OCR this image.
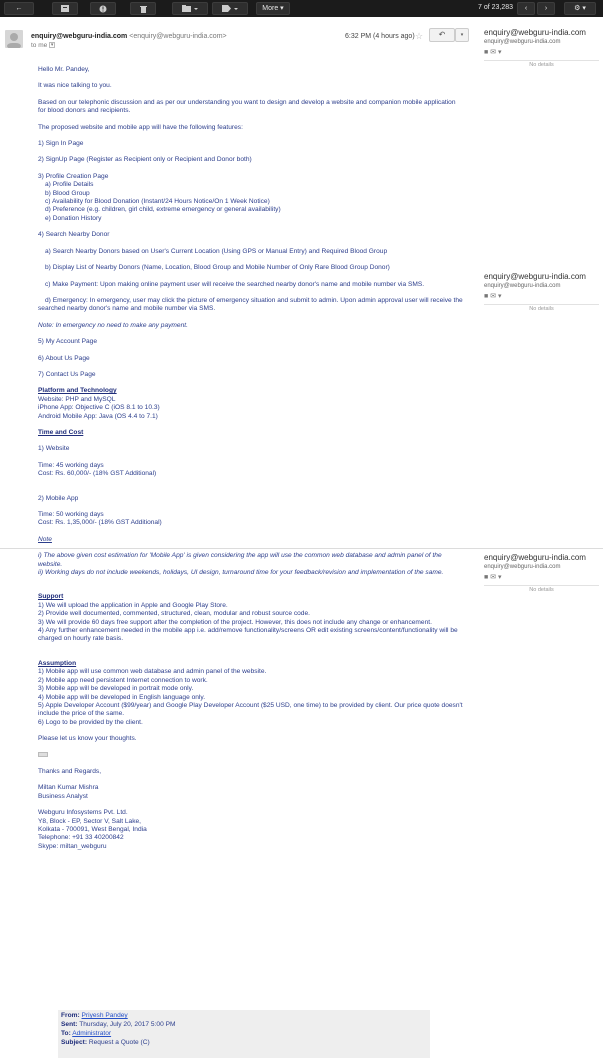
←	More ▾	7 of 23,283	‹	›	⚙ ▾
enquiry@webguru-india.com <enquiry@webguru-india.com>
to me ▾
6:32 PM (4 hours ago) ☆	↶	▾	enquiry@webguru-india.com
enquiry@webguru-india.com
■ ✉ ▾
No details
enquiry@webguru-india.com
enquiry@webguru-india.com
■ ✉ ▾
No details
enquiry@webguru-india.com
enquiry@webguru-india.com
■ ✉ ▾
No details

Hello Mr. Pandey,

It was nice talking to you.

Based on our telephonic discussion and as per our understanding you want to design and develop a website and companion mobile application for blood donors and recipients.

The proposed website and mobile app will have the following features:

1) Sign In Page

2) SignUp Page (Register as Recipient only or Recipient and Donor both)

3) Profile Creation Page

a) Profile Details

b) Blood Group

c) Availability for Blood Donation (Instant/24 Hours Notice/On 1 Week Notice)

d) Preference (e.g. children, girl child, extreme emergency or general availability)

e) Donation History

4) Search Nearby Donor

a) Search Nearby Donors based on User's Current Location (Using GPS or Manual Entry) and Required Blood Group

b) Display List of Nearby Donors (Name, Location, Blood Group and Mobile Number of Only Rare Blood Group Donor)

c) Make Payment: Upon making online payment user will receive the searched nearby donor's name and mobile number via SMS.

d) Emergency: In emergency, user may click the picture of emergency situation and submit to admin. Upon admin approval user will receive the searched nearby donor's name and mobile number via SMS.

Note: In emergency no need to make any payment.

5) My Account Page

6) About Us Page

7) Contact Us Page

Platform and Technology

Website: PHP and MySQL

iPhone App: Objective C (iOS 8.1 to 10.3)

Android Mobile App: Java (OS 4.4 to 7.1)

Time and Cost

1) Website

Time: 45 working days

Cost: Rs. 60,000/- (18% GST Additional)

2) Mobile App

Time: 50 working days

Cost: Rs. 1,35,000/- (18% GST Additional)

Note

i) The above given cost estimation for 'Mobile App' is given considering the app will use the common web database and admin panel of the website.

ii) Working days do not include weekends, holidays, UI design, turnaround time for your feedback/revision and implementation of the same.

Support

1) We will upload the application in Apple and Google Play Store.

2) Provide well documented, commented, structured, clean, modular and robust source code.

3) We will provide 60 days free support after the completion of the project. However, this does not include any change or enhancement.

4) Any further enhancement needed in the mobile app i.e. add/remove functionality/screens OR edit existing screens/content/functionality will be charged on hourly rate basis.

Assumption

1) Mobile app will use common web database and admin panel of the website.

2) Mobile app need persistent Internet connection to work.

3) Mobile app will be developed in portrait mode only.

4) Mobile app will be developed in English language only.

5) Apple Developer Account ($99/year) and Google Play Developer Account ($25 USD, one time) to be provided by client. Our price quote doesn't include the price of the same.

6) Logo to be provided by the client.

Please let us know your thoughts.

Thanks and Regards,

Miltan Kumar Mishra

Business Analyst

Webguru Infosystems Pvt. Ltd.

Y8, Block - EP, Sector V, Salt Lake,

Kolkata - 700091, West Bengal, India

Telephone: +91 33 40200842

Skype: miltan_webguru

From: Priyesh Pandey

Sent: Thursday, July 20, 2017 5:00 PM

To: Administrator

Subject: Request a Quote (C)
